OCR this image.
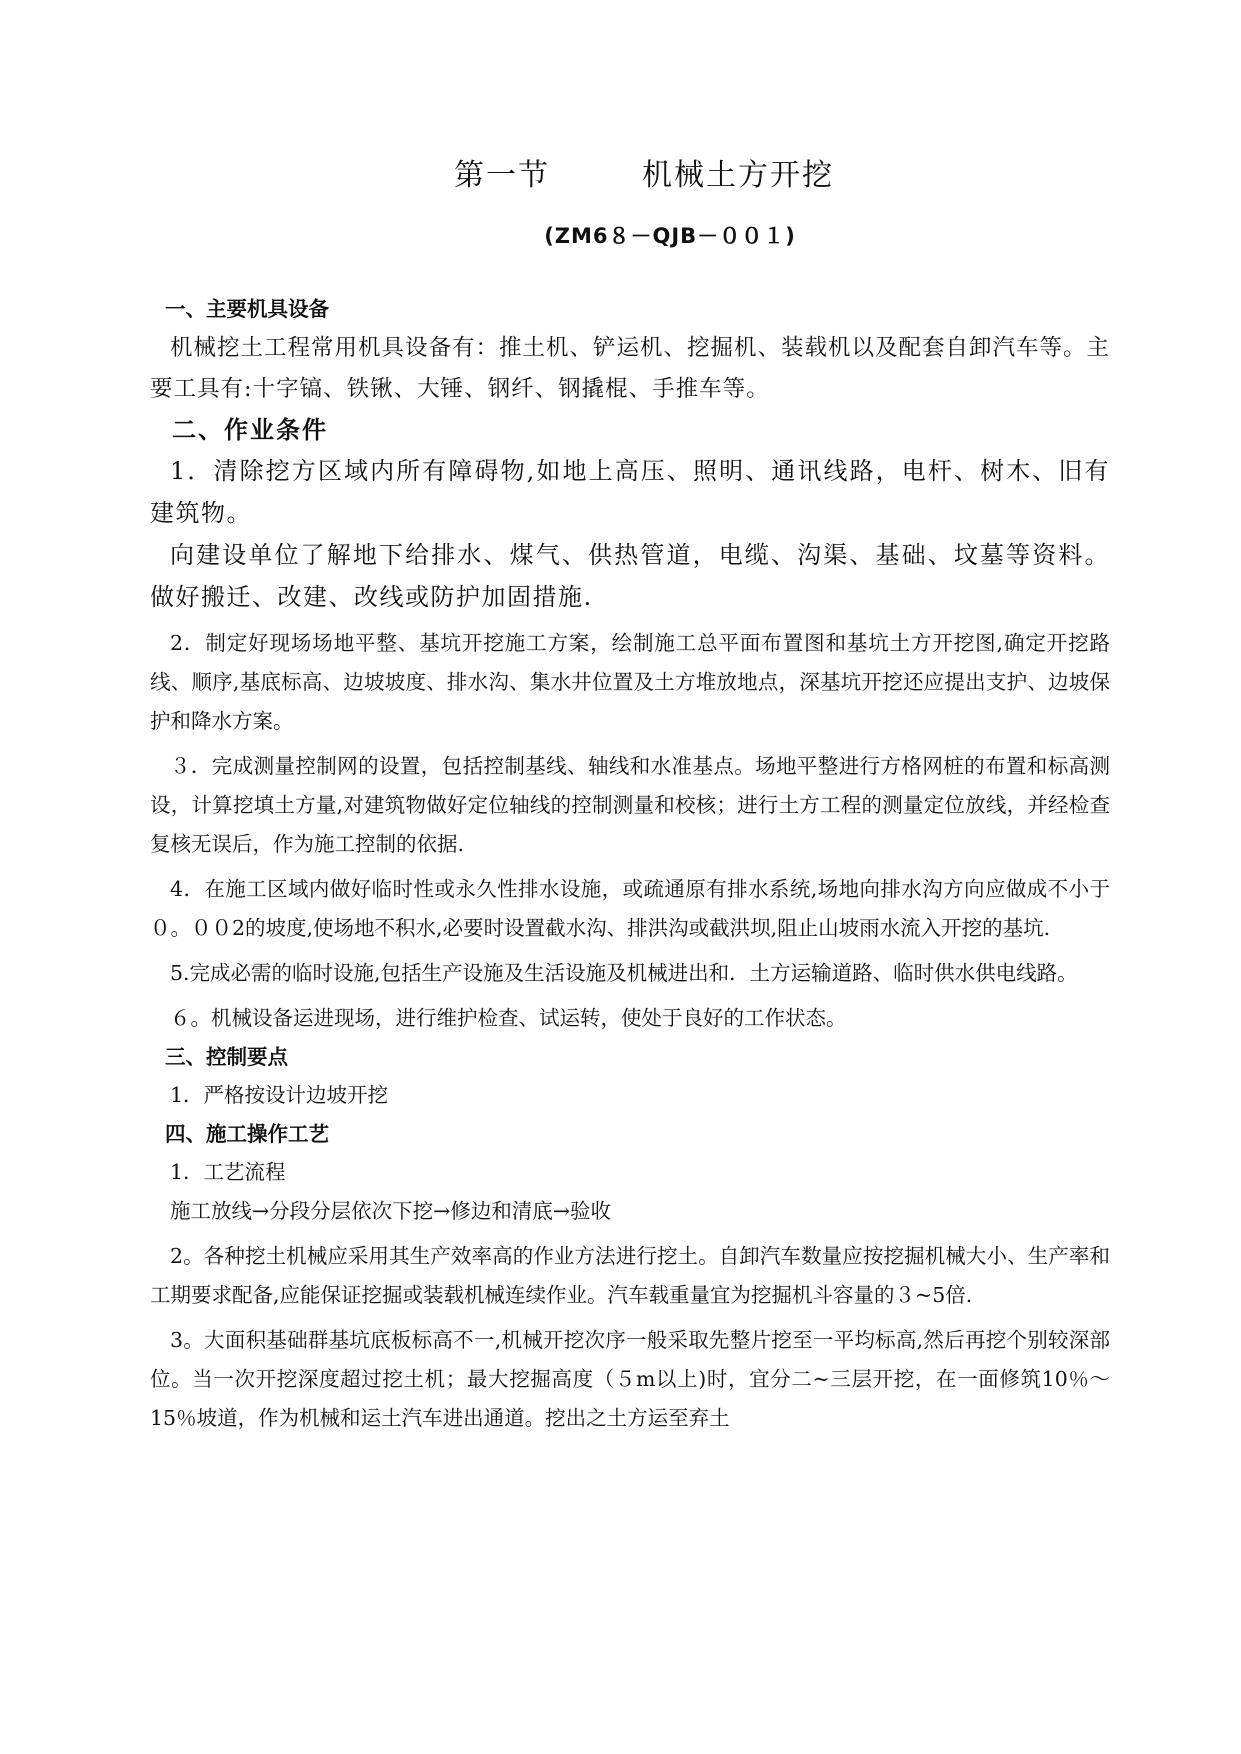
第一节	机械土方开挖
(ZM6８－QJB－００１)
一、主要机具设备

机械挖土工程常用机具设备有：推土机、铲运机、挖掘机、装载机以及配套自卸汽车等。主要工具有:十字镐、铁锹、大锤、钢纤、钢撬棍、手推车等。

二、作业条件

1．清除挖方区域内所有障碍物,如地上高压、照明、通讯线路，电杆、树木、旧有建筑物。

向建设单位了解地下给排水、煤气、供热管道，电缆、沟渠、基础、坟墓等资料。做好搬迁、改建、改线或防护加固措施.

2．制定好现场场地平整、基坑开挖施工方案，绘制施工总平面布置图和基坑土方开挖图,确定开挖路线、顺序,基底标高、边坡坡度、排水沟、集水井位置及土方堆放地点，深基坑开挖还应提出支护、边坡保护和降水方案。

３．完成测量控制网的设置，包括控制基线、轴线和水准基点。场地平整进行方格网桩的布置和标高测设，计算挖填土方量,对建筑物做好定位轴线的控制测量和校核；进行土方工程的测量定位放线，并经检查复核无误后，作为施工控制的依据.

4．在施工区域内做好临时性或永久性排水设施，或疏通原有排水系统,场地向排水沟方向应做成不小于０。００2的坡度,使场地不积水,必要时设置截水沟、排洪沟或截洪坝,阻止山坡雨水流入开挖的基坑.

5.完成必需的临时设施,包括生产设施及生活设施及机械进出和．土方运输道路、临时供水供电线路。

６。机械设备运进现场，进行维护检查、试运转，使处于良好的工作状态。

三、控制要点

1．严格按设计边坡开挖

四、施工操作工艺

1．工艺流程

施工放线→分段分层依次下挖→修边和清底→验收

2。各种挖土机械应采用其生产效率高的作业方法进行挖土。自卸汽车数量应按挖掘机械大小、生产率和工期要求配备,应能保证挖掘或装载机械连续作业。汽车载重量宜为挖掘机斗容量的３~5倍.

3。大面积基础群基坑底板标高不一,机械开挖次序一般采取先整片挖至一平均标高,然后再挖个别较深部位。当一次开挖深度超过挖土机；最大挖掘高度（５m以上)时，宜分二~三层开挖，在一面修筑10％～15％坡道，作为机械和运土汽车进出通道。挖出之土方运至弃土
